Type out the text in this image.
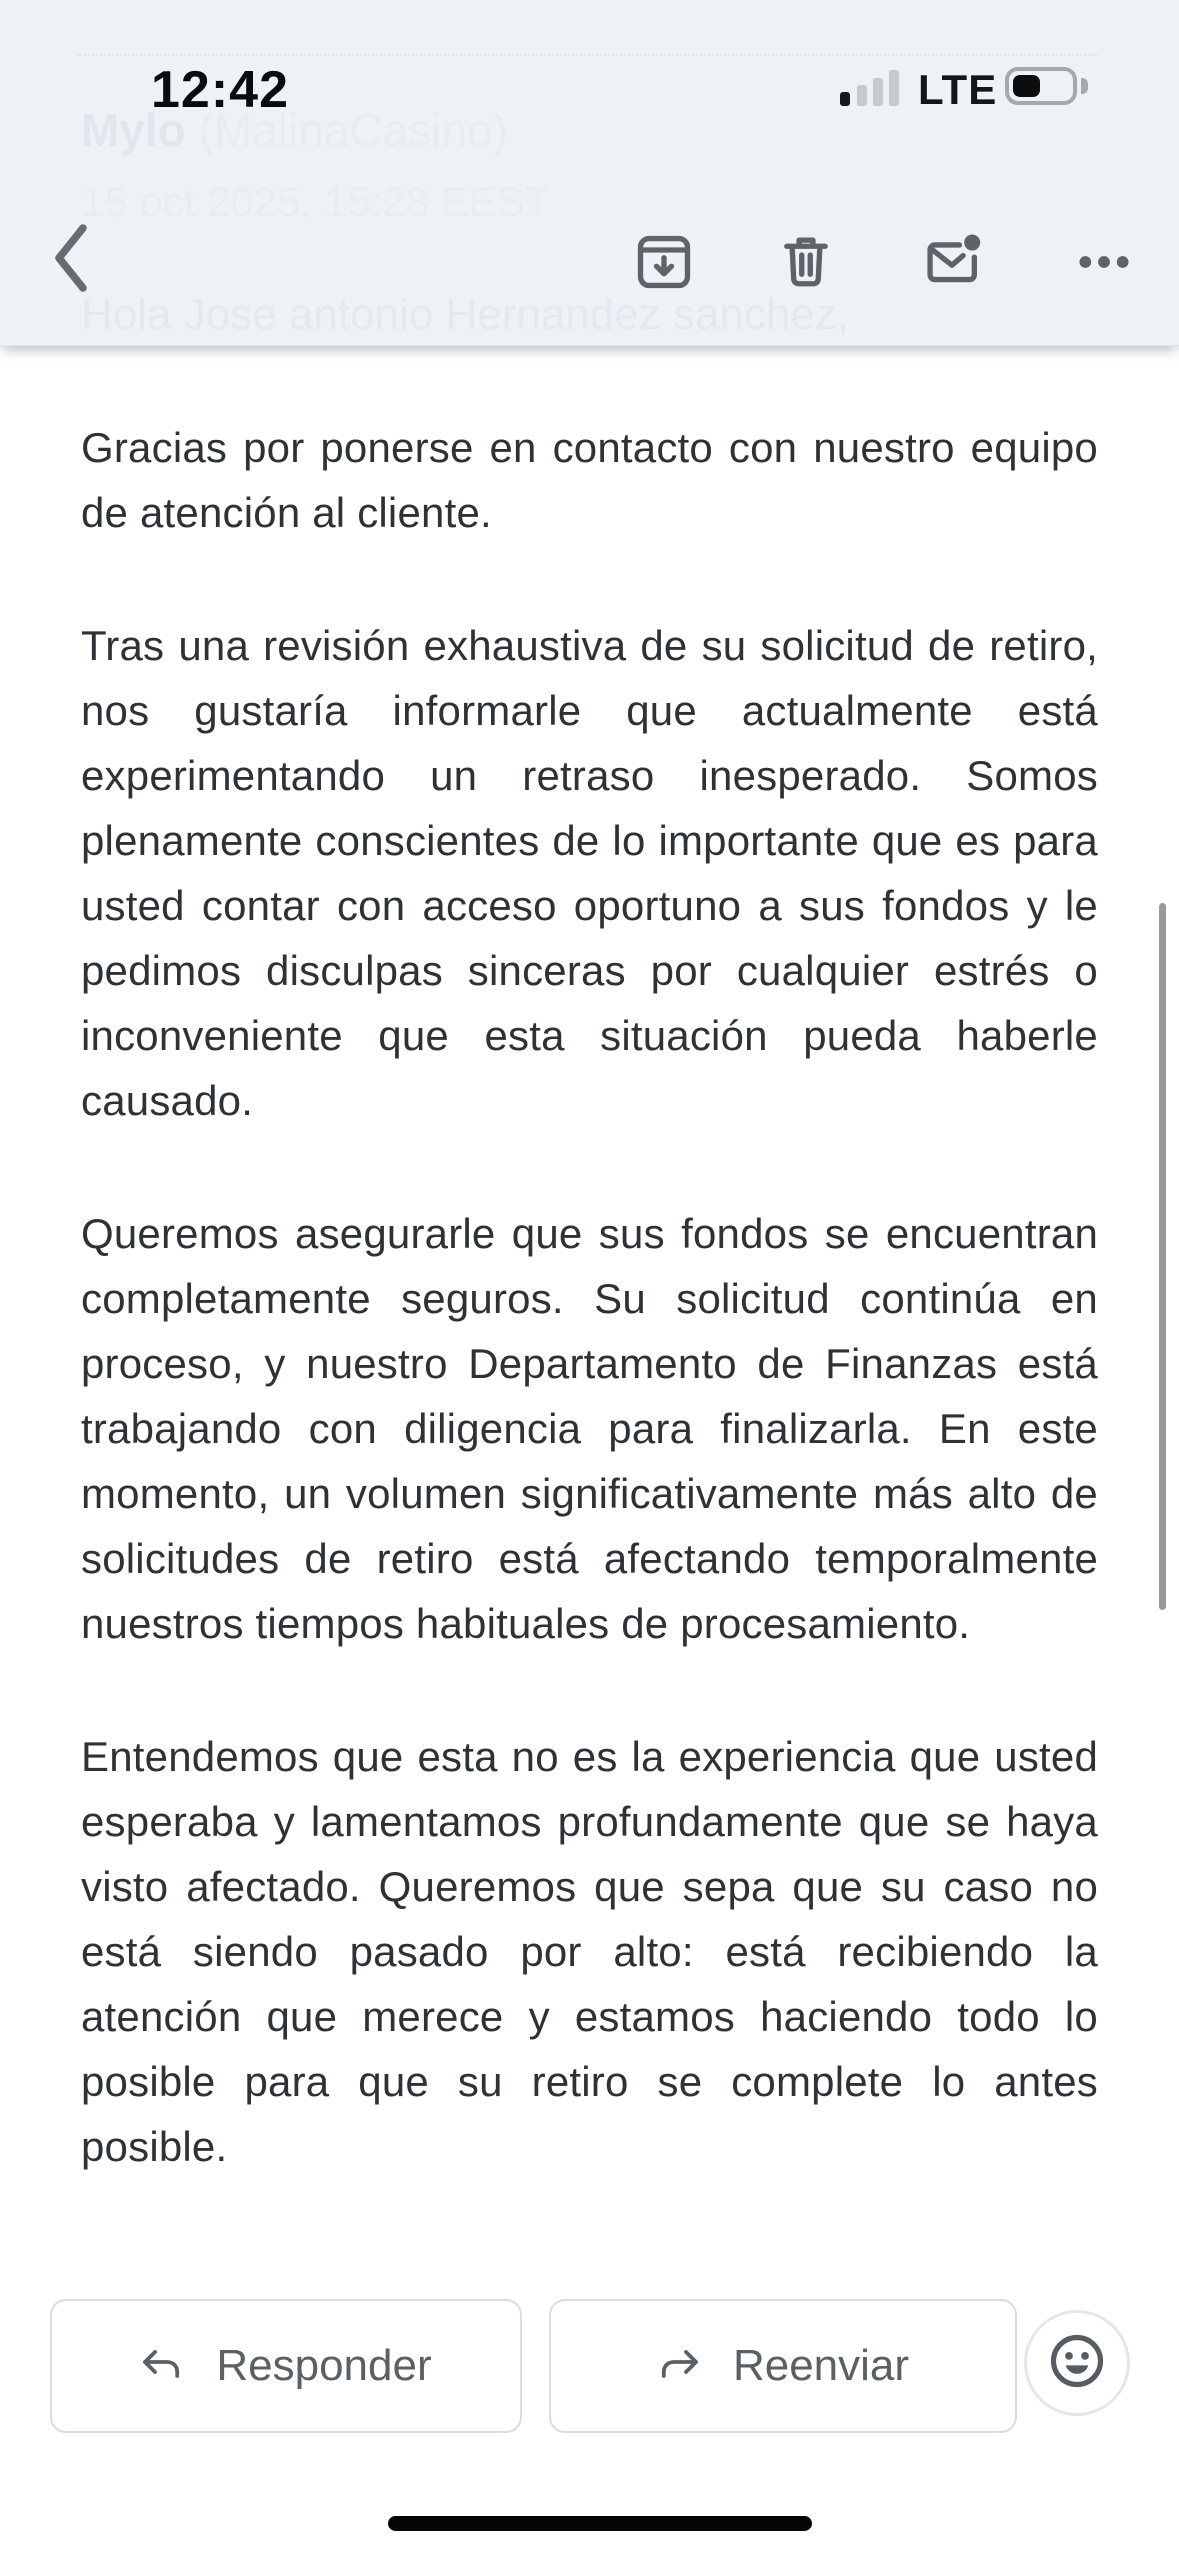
Mylo (MalinaCasino)
15 oct 2025, 15:28 EEST
Hola Jose antonio Hernandez sanchez,
12:42	LTE
Gracias por ponerse en contacto con nuestro equipo
de atención al cliente.
Tras una revisión exhaustiva de su solicitud de retiro,
nos gustaría informarle que actualmente está
experimentando un retraso inesperado. Somos
plenamente conscientes de lo importante que es para
usted contar con acceso oportuno a sus fondos y le
pedimos disculpas sinceras por cualquier estrés o
inconveniente que esta situación pueda haberle
causado.
Queremos asegurarle que sus fondos se encuentran
completamente seguros. Su solicitud continúa en
proceso, y nuestro Departamento de Finanzas está
trabajando con diligencia para finalizarla. En este
momento, un volumen significativamente más alto de
solicitudes de retiro está afectando temporalmente
nuestros tiempos habituales de procesamiento.
Entendemos que esta no es la experiencia que usted
esperaba y lamentamos profundamente que se haya
visto afectado. Queremos que sepa que su caso no
está siendo pasado por alto: está recibiendo la
atención que merece y estamos haciendo todo lo
posible para que su retiro se complete lo antes
posible.
Responder	Reenviar
